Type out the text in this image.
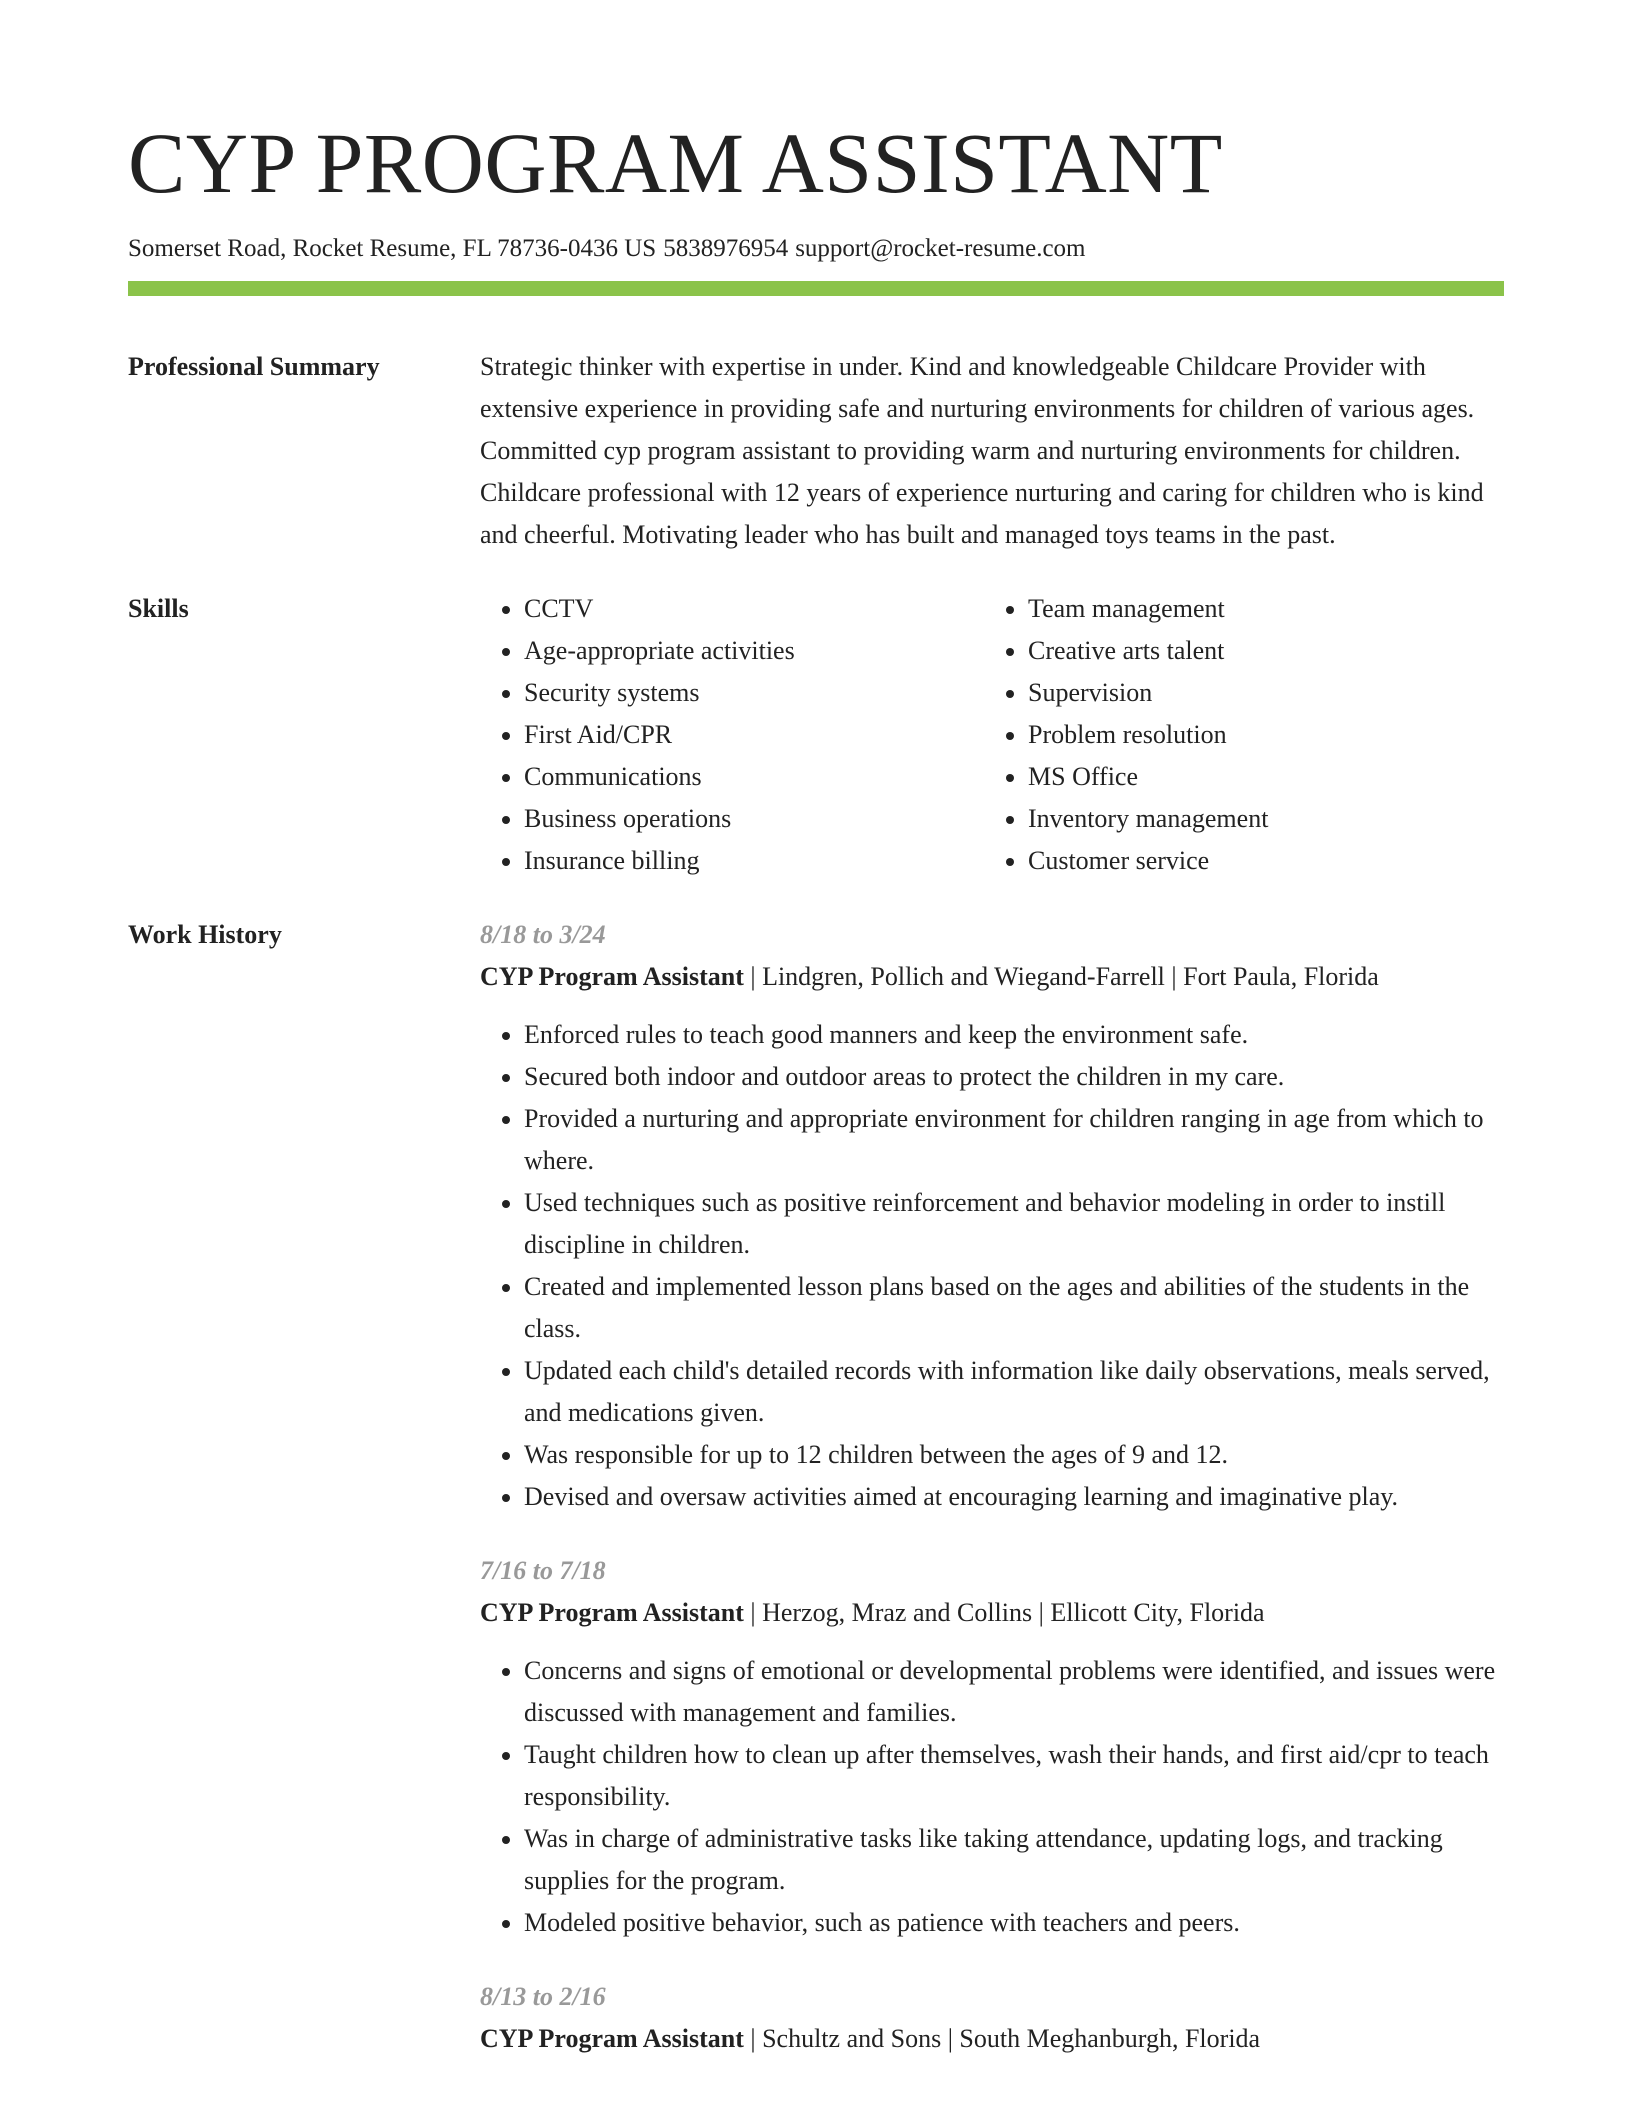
CYP PROGRAM ASSISTANT
Somerset Road, Rocket Resume, FL 78736-0436 US 5838976954 support@rocket-resume.com
Professional Summary	Strategic thinker with expertise in under. Kind and knowledgeable Childcare Provider with extensive experience in providing safe and nurturing environments for children of various ages. Committed cyp program assistant to providing warm and nurturing environments for children. Childcare professional with 12 years of experience nurturing and caring for children who is kind and cheerful. Motivating leader who has built and managed toys teams in the past.

Skills
•	CCTV
• Age-appropriate activities
• Security systems
• First Aid/CPR
• Communications
• Business operations
• Insurance billing
• Team management
• Creative arts talent
• Supervision
• Problem resolution
• MS Office
• Inventory management
• Customer service
Work History	8/18 to 3/24
CYP Program Assistant | Lindgren, Pollich and Wiegand-Farrell | Fort Paula, Florida
• Enforced rules to teach good manners and keep the environment safe.
• Secured both indoor and outdoor areas to protect the children in my care.
• Provided a nurturing and appropriate environment for children ranging in age from which to where.
• Used techniques such as positive reinforcement and behavior modeling in order to instill discipline in children.
• Created and implemented lesson plans based on the ages and abilities of the students in the class.
• Updated each child's detailed records with information like daily observations, meals served, and medications given.
• Was responsible for up to 12 children between the ages of 9 and 12.
• Devised and oversaw activities aimed at encouraging learning and imaginative play.
7/16 to 7/18
CYP Program Assistant | Herzog, Mraz and Collins | Ellicott City, Florida
• Concerns and signs of emotional or developmental problems were identified, and issues were discussed with management and families.
• Taught children how to clean up after themselves, wash their hands, and first aid/cpr to teach responsibility.
• Was in charge of administrative tasks like taking attendance, updating logs, and tracking supplies for the program.
• Modeled positive behavior, such as patience with teachers and peers.
8/13 to 2/16
CYP Program Assistant | Schultz and Sons | South Meghanburgh, Florida
